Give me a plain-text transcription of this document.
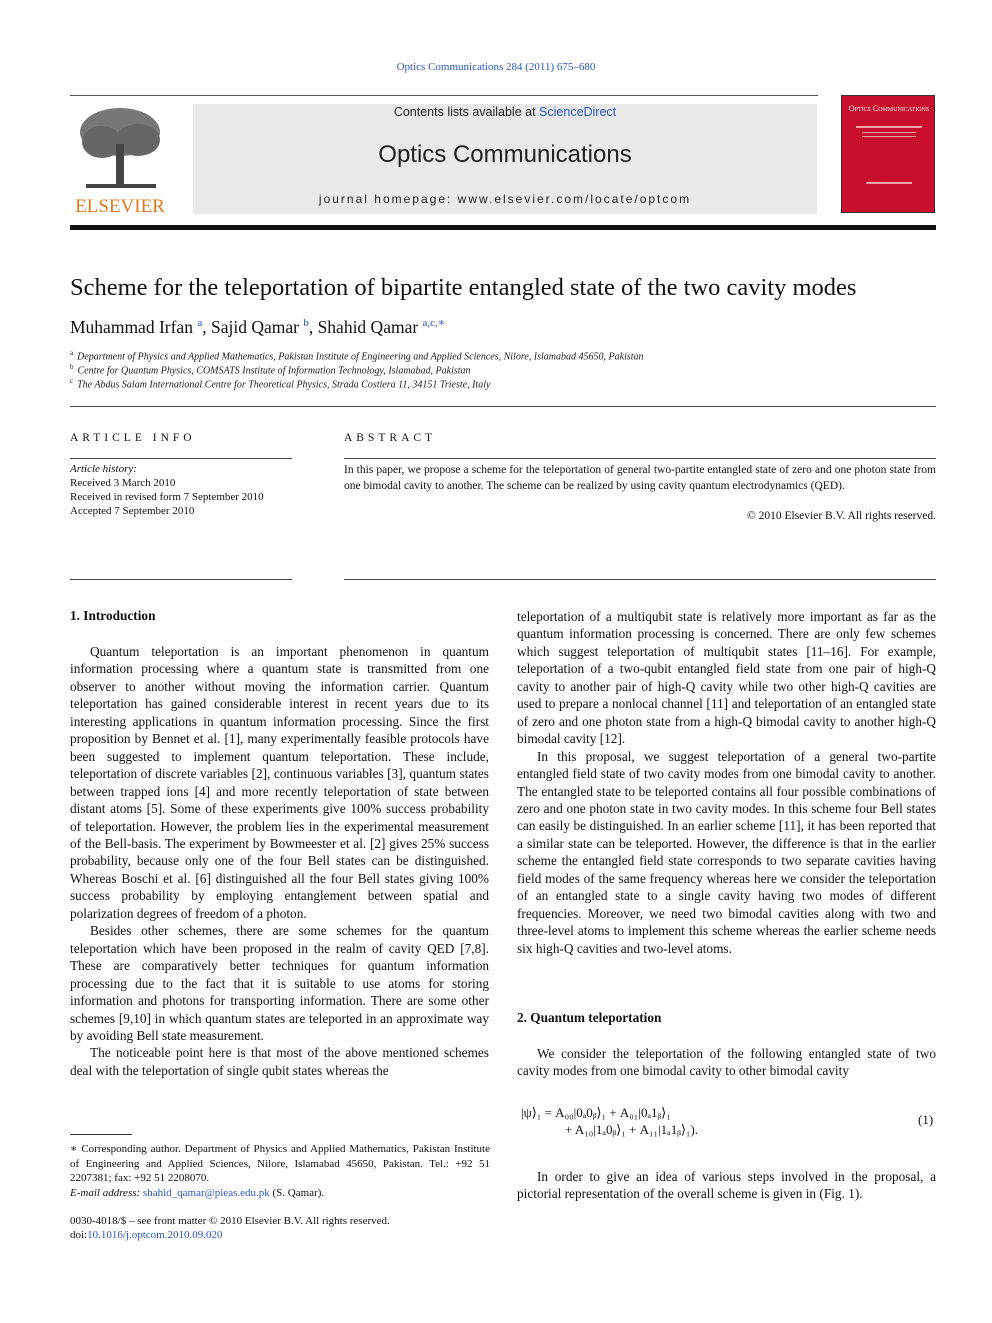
Optics Communications 284 (2011) 675–680
ELSEVIER
Contents lists available at ScienceDirect
Optics Communications
journal homepage: www.elsevier.com/locate/optcom
Optics Communications
Scheme for the teleportation of bipartite entangled state of the two cavity modes
Muhammad Irfan $^a$, Sajid Qamar $^b$, Shahid Qamar $^{a,c,∗}$
$^a$ Department of Physics and Applied Mathematics, Pakistan Institute of Engineering and Applied Sciences, Nilore, Islamabad 45650, Pakistan
$^b$ Centre for Quantum Physics, COMSATS Institute of Information Technology, Islamabad, Pakistan
$^c$ The Abdus Salam International Centre for Theoretical Physics, Strada Costiera 11, 34151 Trieste, Italy
ARTICLE INFO	ABSTRACT
Article history:
Received 3 March 2010
Received in revised form 7 September 2010
Accepted 7 September 2010
In this paper, we propose a scheme for the teleportation of general two-partite entangled state of zero and one photon state from one bimodal cavity to another. The scheme can be realized by using cavity quantum electrodynamics (QED).
© 2010 Elsevier B.V. All rights reserved.
1. Introduction

Quantum teleportation is an important phenomenon in quantum information processing where a quantum state is transmitted from one observer to another without moving the information carrier. Quantum teleportation has gained considerable interest in recent years due to its interesting applications in quantum information processing. Since the first proposition by Bennet et al. [1], many experimentally feasible protocols have been suggested to implement quantum teleportation. These include, teleportation of discrete variables [2], continuous variables [3], quantum states between trapped ions [4] and more recently teleportation of state between distant atoms [5]. Some of these experiments give 100% success probability of teleportation. However, the problem lies in the experimental measurement of the Bell-basis. The experiment by Bowmeester et al. [2] gives 25% success probability, because only one of the four Bell states can be distinguished. Whereas Boschi et al. [6] distinguished all the four Bell states giving 100% success probability by employing entanglement between spatial and polarization degrees of freedom of a photon.

Besides other schemes, there are some schemes for the quantum teleportation which have been proposed in the realm of cavity QED [7,8]. These are comparatively better techniques for quantum information processing due to the fact that it is suitable to use atoms for storing information and photons for transporting information. There are some other schemes [9,10] in which quantum states are teleported in an approximate way by avoiding Bell state measurement.

The noticeable point here is that most of the above mentioned schemes deal with the teleportation of single qubit states whereas the

∗ Corresponding author. Department of Physics and Applied Mathematics, Pakistan Institute of Engineering and Applied Sciences, Nilore, Islamabad 45650, Pakistan. Tel.: +92 51 2207381; fax: +92 51 2208070.
E-mail address: shahid_qamar@pieas.edu.pk (S. Qamar).
0030-4018/$ – see front matter © 2010 Elsevier B.V. All rights reserved.
doi:10.1016/j.optcom.2010.09.020

teleportation of a multiqubit state is relatively more important as far as the quantum information processing is concerned. There are only few schemes which suggest teleportation of multiqubit states [11–16]. For example, teleportation of a two-qubit entangled field state from one pair of high-Q cavity to another pair of high-Q cavity while two other high-Q cavities are used to prepare a nonlocal channel [11] and teleportation of an entangled state of zero and one photon state from a high-Q bimodal cavity to another high-Q bimodal cavity [12].

In this proposal, we suggest teleportation of a general two-partite entangled field state of two cavity modes from one bimodal cavity to another. The entangled state to be teleported contains all four possible combinations of zero and one photon state in two cavity modes. In this scheme four Bell states can easily be distinguished. In an earlier scheme [11], it has been reported that a similar state can be teleported. However, the difference is that in the earlier scheme the entangled field state corresponds to two separate cavities having field modes of the same frequency whereas here we consider the teleportation of an entangled state to a single cavity having two modes of different frequencies. Moreover, we need two bimodal cavities along with two and three-level atoms to implement this scheme whereas the earlier scheme needs six high-Q cavities and two-level atoms.

2. Quantum teleportation

We consider the teleportation of the following entangled state of two cavity modes from one bimodal cavity to other bimodal cavity

|ψ⟩₁ = A₀₀|0ₐ0ᵦ⟩₁ + A₀₁|0ₐ1ᵦ⟩₁
+ A₁₀|1ₐ0ᵦ⟩₁ + A₁₁|1ₐ1ᵦ⟩₁).
(1)

In order to give an idea of various steps involved in the proposal, a pictorial representation of the overall scheme is given in (Fig. 1).
